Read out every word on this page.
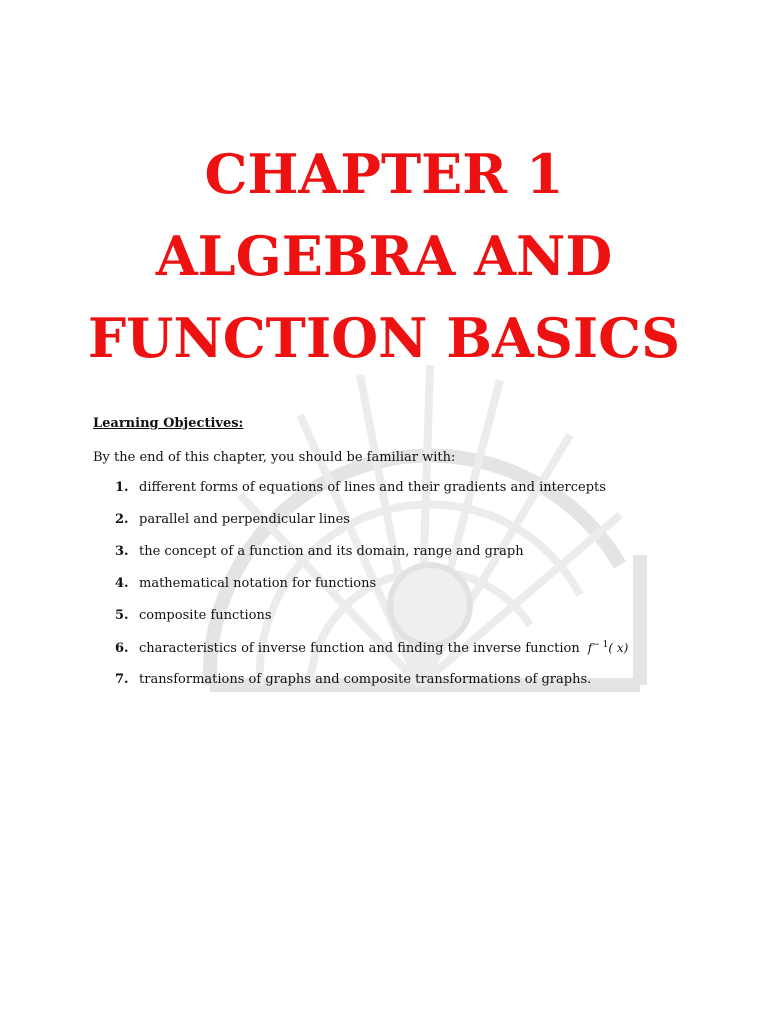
CHAPTER 1
ALGEBRA AND
FUNCTION BASICS

Learning Objectives:

By the end of this chapter, you should be familiar with:

1. different forms of equations of lines and their gradients and intercepts
2. parallel and perpendicular lines
3. the concept of a function and its domain, range and graph
4. mathematical notation for functions
5. composite functions
6. characteristics of inverse function and finding the inverse function $f^{- 1}$( x)
7. transformations of graphs and composite transformations of graphs.
